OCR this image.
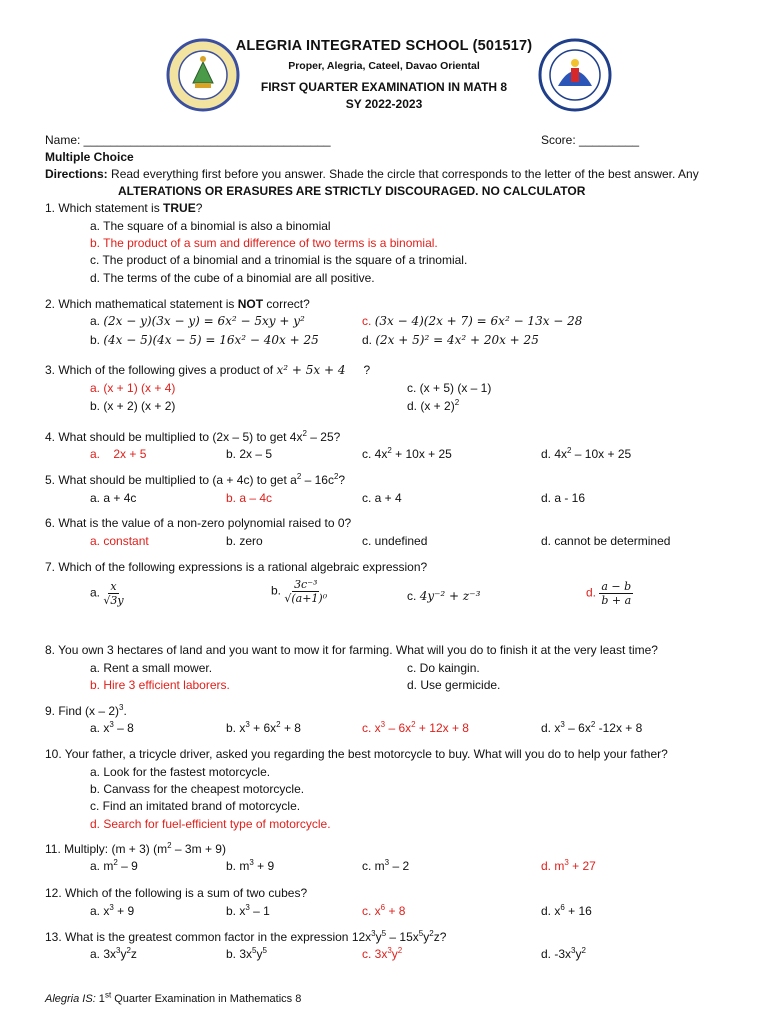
ALEGRIA INTEGRATED SCHOOL (501517)
Proper, Alegria, Cateel, Davao Oriental
FIRST QUARTER EXAMINATION IN MATH 8
SY 2022-2023
Name: _____________________________________	Score: _________
Multiple Choice
Directions: Read everything first before you answer. Shade the circle that corresponds to the letter of the best answer. Any
ALTERATIONS OR ERASURES ARE STRICTLY DISCOURAGED. NO CALCULATOR
1. Which statement is TRUE?
a. The square of a binomial is also a binomial
b. The product of a sum and difference of two terms is a binomial.
c. The product of a binomial and a trinomial is the square of a trinomial.
d. The terms of the cube of a binomial are all positive.
2. Which mathematical statement is NOT correct?
a. (2x − y)(3x − y) = 6x² − 5xy + y²
b. (4x − 5)(4x − 5) = 16x² − 40x + 25
c. (3x − 4)(2x + 7) = 6x² − 13x − 28
d. (2x + 5)² = 4x² + 20x + 25
3. Which of the following gives a product of x² + 5x + 4 ?
a. (x + 1) (x + 4)
b. (x + 2) (x + 2)
c. (x + 5) (x – 1)
d. $(x + 2)^2$
4. What should be multiplied to (2x – 5) to get $4x^2 - 25$?
a.    2x + 5	b. 2x – 5	c. $4x^2 + 10x + 25$	d. $4x^2 - 10x + 25$
5. What should be multiplied to (a + 4c) to get $a^2 - 16c^2$?
a. a + 4c	b. a – 4c	c. a + 4	d. a - 16
6. What is the value of a non-zero polynomial raised to 0?
a. constant	b. zero	c. undefined	d. cannot be determined
7. Which of the following expressions is a rational algebraic expression?
a. $\frac{x}{√3y}$	b. $\frac{\text{3c⁻³}}{\text{√(a+1)⁰}}$	c. 4y⁻² + z⁻³	d. $\frac{a - b}{b + a}$
8. You own 3 hectares of land and you want to mow it for farming. What will you do to finish it at the very least time?
a. Rent a small mower.
b. Hire 3 efficient laborers.
c. Do kaingin.
d. Use germicide.
9. Find (x – 2)$^3$.
a. $x^3 - 8$	b. $x^3 + 6x^2 + 8$	c. $x^3 - 6x^2 + 12x + 8$	d. $x^3 - 6x^2$ -12x + 8
10. Your father, a tricycle driver, asked you regarding the best motorcycle to buy. What will you do to help your father?
a. Look for the fastest motorcycle.
b. Canvass for the cheapest motorcycle.
c. Find an imitated brand of motorcycle.
d. Search for fuel-efficient type of motorcycle.
11. Multiply: (m + 3) $(m^2 - 3m + 9)$
a. $m^2 - 9$	b. $m^3 + 9$	c. $m^3 - 2$	d. $m^3 + 27$
12. Which of the following is a sum of two cubes?
a. $x^3 + 9$	b. $x^3 - 1$	c. $x^6 + 8$	d. $x^6 + 16$
13. What is the greatest common factor in the expression $12x^3y^5 - 15x^5y^2z$?
a. $3x^3y^2z$	b. $3x^5y^5$	c. $3x^3y^2$	d. $-3x^3y^2$
Alegria IS: 1st Quarter Examination in Mathematics 8
